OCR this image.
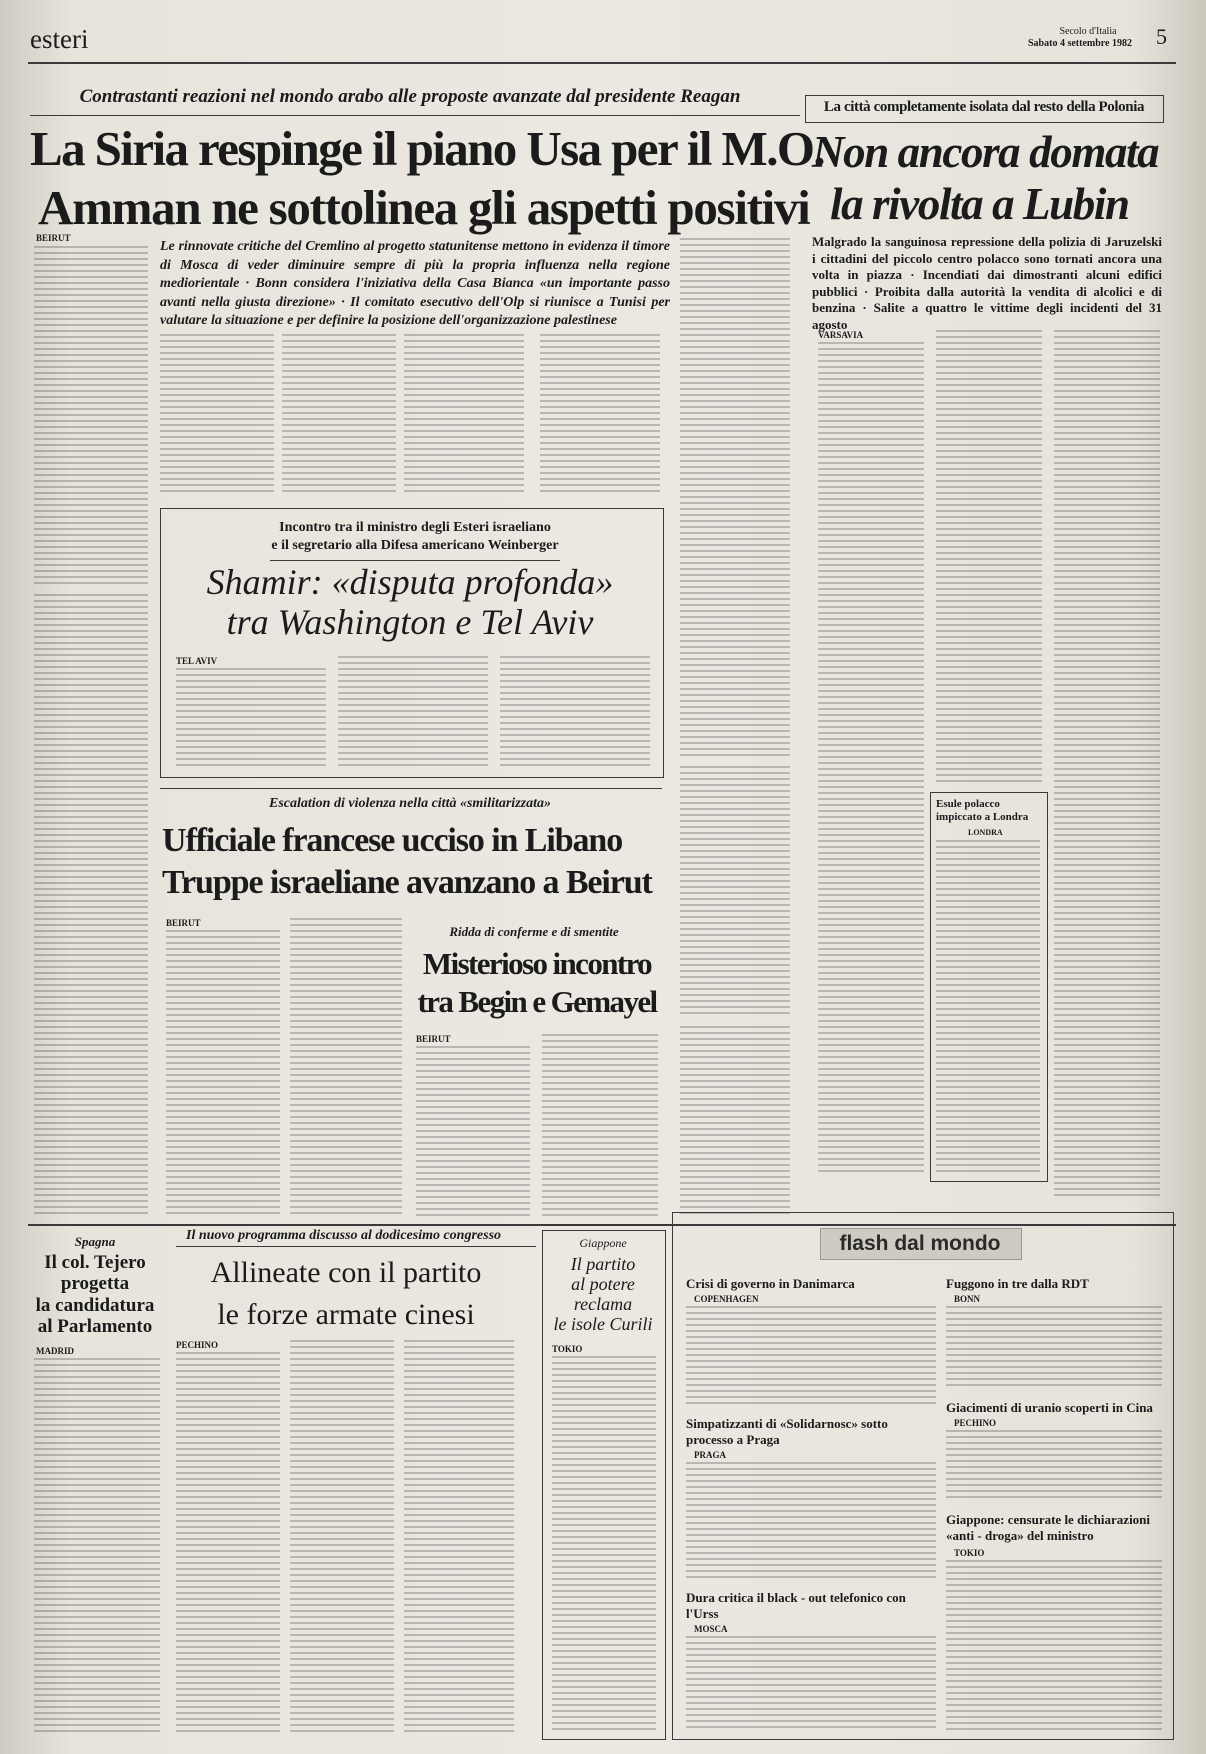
esteri	Secolo d'Italia
Sabato 4 settembre 1982	5
Contrastanti reazioni nel mondo arabo alle proposte avanzate dal presidente Reagan
La Siria respinge il piano Usa per il M.O.
Amman ne sottolinea gli aspetti positivi
Le rinnovate critiche del Cremlino al progetto statunitense mettono in evidenza il timore di Mosca di veder diminuire sempre di più la propria influenza nella regione mediorientale · Bonn considera l'iniziativa della Casa Bianca «un importante passo avanti nella giusta direzione» · Il comitato esecutivo dell'Olp si riunisce a Tunisi per valutare la situazione e per definire la posizione dell'organizzazione palestinese
BEIRUT
Incontro tra il ministro degli Esteri israeliano
e il segretario alla Difesa americano Weinberger
Shamir: «disputa profonda»
tra Washington e Tel Aviv
TEL AVIV
Escalation di violenza nella città «smilitarizzata»
Ufficiale francese ucciso in Libano
Truppe israeliane avanzano a Beirut
BEIRUT
Ridda di conferme e di smentite
Misterioso incontro
tra Begin e Gemayel
BEIRUT
La città completamente isolata dal resto della Polonia
Non ancora domata
la rivolta a Lubin
Malgrado la sanguinosa repressione della polizia di Jaruzelski i cittadini del piccolo centro polacco sono tornati ancora una volta in piazza · Incendiati dai dimostranti alcuni edifici pubblici · Proibita dalla autorità la vendita di alcolici e di benzina · Salite a quattro le vittime degli incidenti del 31 agosto
VARSAVIA
Esule polacco impiccato a Londra
LONDRA
Spagna
Il col. Tejero
progetta
la candidatura
al Parlamento
MADRID
Il nuovo programma discusso al dodicesimo congresso
Allineate con il partito
le forze armate cinesi
PECHINO
Giappone
Il partito
al potere
reclama
le isole Curili
TOKIO
flash dal mondo
Crisi di governo in Danimarca
COPENHAGEN
Simpatizzanti di «Solidarnosc» sotto processo a Praga
PRAGA
Dura critica il black - out telefonico con l'Urss
MOSCA
Fuggono in tre dalla RDT
BONN
Giacimenti di uranio scoperti in Cina
PECHINO
Giappone: censurate le dichiarazioni «anti - droga» del ministro
TOKIO
